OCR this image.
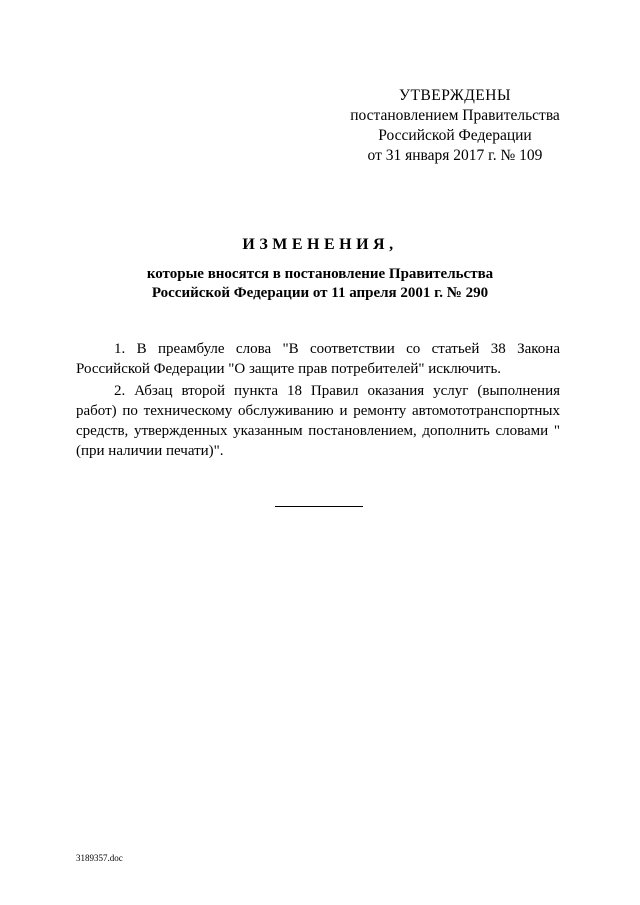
УТВЕРЖДЕНЫ
постановлением Правительства
Российской Федерации
от 31 января 2017 г. № 109
ИЗМЕНЕНИЯ,
которые вносятся в постановление Правительства
Российской Федерации от 11 апреля 2001 г. № 290

1. В преамбуле слова "В соответствии со статьей 38 Закона Российской Федерации "О защите прав потребителей" исключить.

2. Абзац второй пункта 18 Правил оказания услуг (выполнения работ) по техническому обслуживанию и ремонту автомототранспортных средств, утвержденных указанным постановлением, дополнить словами "(при наличии печати)".

3189357.doc
